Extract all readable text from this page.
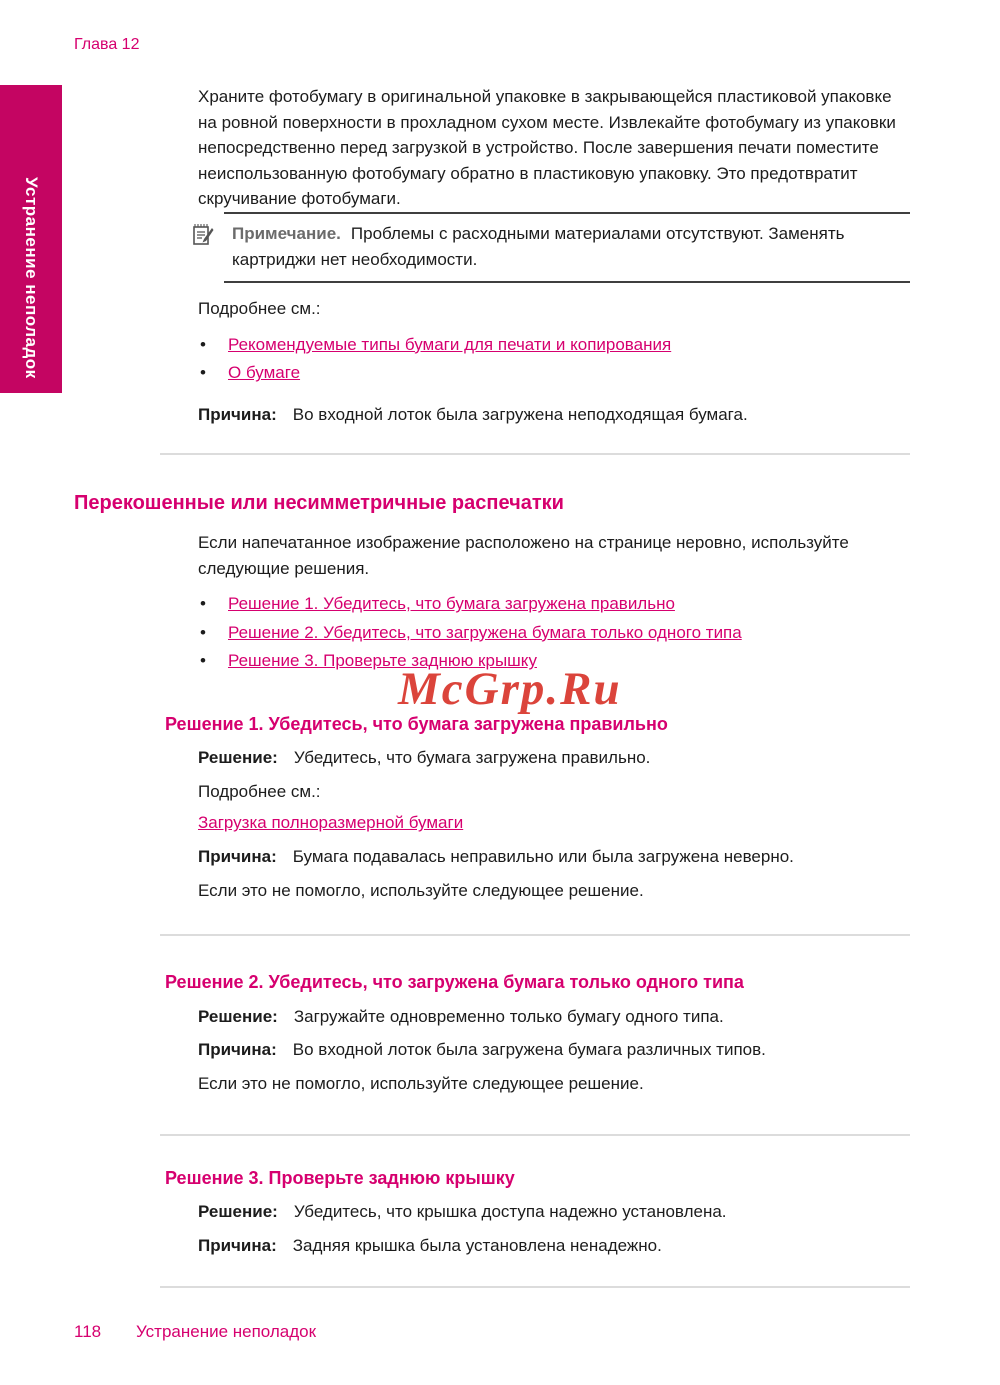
Глава 12
Устранение неполадок

Храните фотобумагу в оригинальной упаковке в закрывающейся пластиковой упаковке на ровной поверхности в прохладном сухом месте. Извлекайте фотобумагу из упаковки непосредственно перед загрузкой в устройство. После завершения печати поместите неиспользованную фотобумагу обратно в пластиковую упаковку. Это предотвратит скручивание фотобумаги.

Примечание. Проблемы с расходными материалами отсутствуют. Заменять картриджи нет необходимости.

Подробнее см.:

• Рекомендуемые типы бумаги для печати и копирования
• О бумаге

Причина: Во входной лоток была загружена неподходящая бумага.

Перекошенные или несимметричные распечатки

Если напечатанное изображение расположено на странице неровно, используйте следующие решения.

• Решение 1. Убедитесь, что бумага загружена правильно
• Решение 2. Убедитесь, что загружена бумага только одного типа
• Решение 3. Проверьте заднюю крышку
Решение 1. Убедитесь, что бумага загружена правильно

Решение: Убедитесь, что бумага загружена правильно.

Подробнее см.:

Загрузка полноразмерной бумаги

Причина: Бумага подавалась неправильно или была загружена неверно.

Если это не помогло, используйте следующее решение.

Решение 2. Убедитесь, что загружена бумага только одного типа

Решение: Загружайте одновременно только бумагу одного типа.

Причина: Во входной лоток была загружена бумага различных типов.

Если это не помогло, используйте следующее решение.

Решение 3. Проверьте заднюю крышку

Решение: Убедитесь, что крышка доступа надежно установлена.

Причина: Задняя крышка была установлена ненадежно.

McGrp.Ru
118 Устранение неполадок
